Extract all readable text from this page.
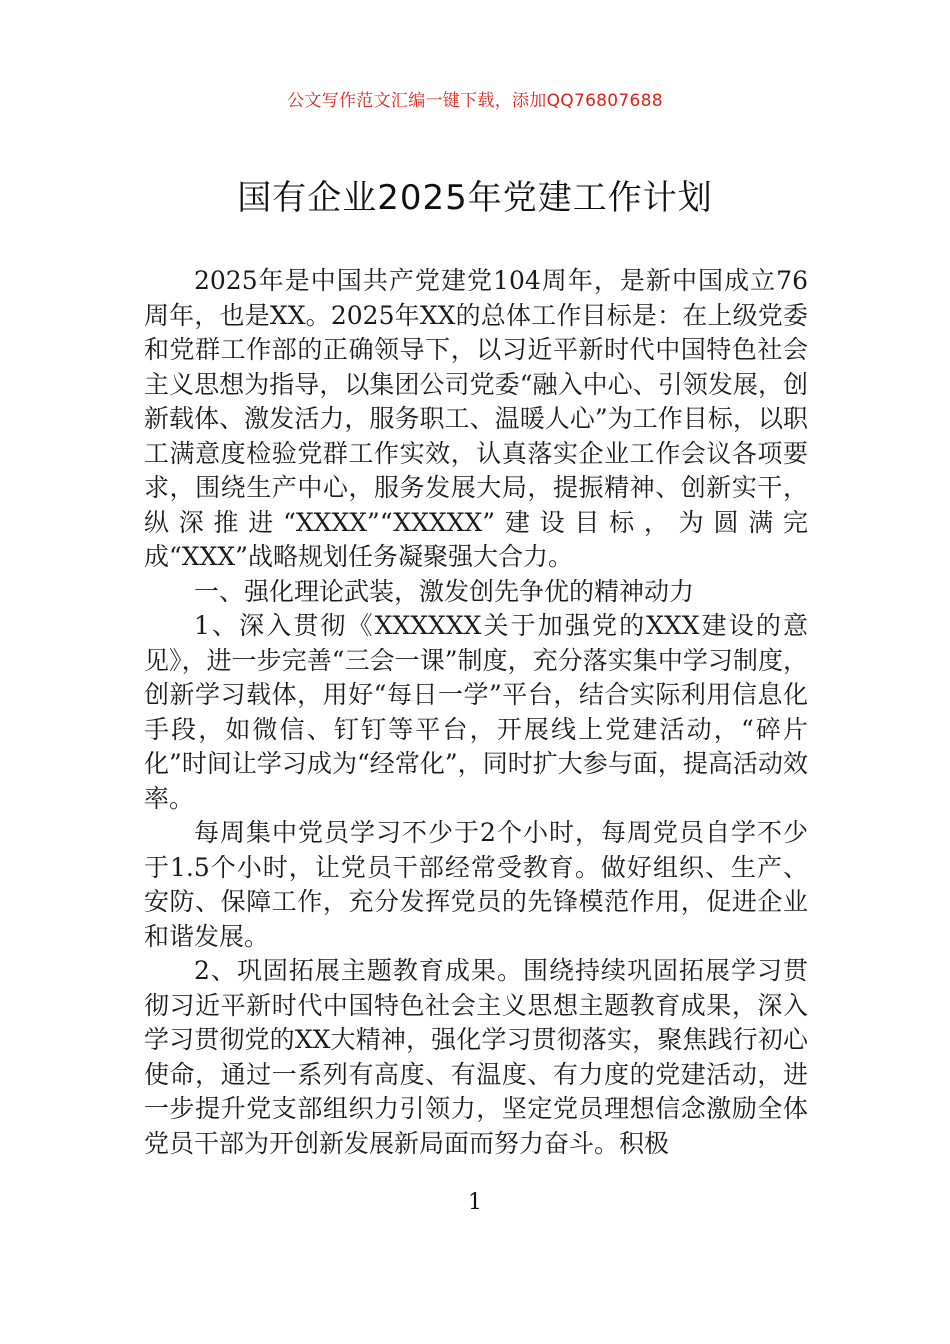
公文写作范文汇编一键下载，添加QQ76807688
国有企业2025年党建工作计划

2025年是中国共产党建党104周年，是新中国成立76周年，也是XX。2025年XX的总体工作目标是：在上级党委和党群工作部的正确领导下，以习近平新时代中国特色社会主义思想为指导，以集团公司党委“融入中心、引领发展，创新载体、激发活力，服务职工、温暖人心”为工作目标，以职工满意度检验党群工作实效，认真落实企业工作会议各项要求，围绕生产中心，服务发展大局，提振精神、创新实干，纵深推进“XXXX”“XXXXX”建设目标，为圆满完成“XXX”战略规划任务凝聚强大合力。

一、强化理论武装，激发创先争优的精神动力

1、深入贯彻《XXXXXX关于加强党的XXX建设的意见》，进一步完善“三会一课”制度，充分落实集中学习制度，创新学习载体，用好“每日一学”平台，结合实际利用信息化手段，如微信、钉钉等平台，开展线上党建活动，“碎片化”时间让学习成为“经常化”，同时扩大参与面，提高活动效率。

每周集中党员学习不少于2个小时，每周党员自学不少于1.5个小时，让党员干部经常受教育。做好组织、生产、安防、保障工作，充分发挥党员的先锋模范作用，促进企业和谐发展。

2、巩固拓展主题教育成果。围绕持续巩固拓展学习贯彻习近平新时代中国特色社会主义思想主题教育成果，深入学习贯彻党的XX大精神，强化学习贯彻落实，聚焦践行初心使命，通过一系列有高度、有温度、有力度的党建活动，进一步提升党支部组织力引领力，坚定党员理想信念激励全体党员干部为开创新发展新局面而努力奋斗。积极

1
